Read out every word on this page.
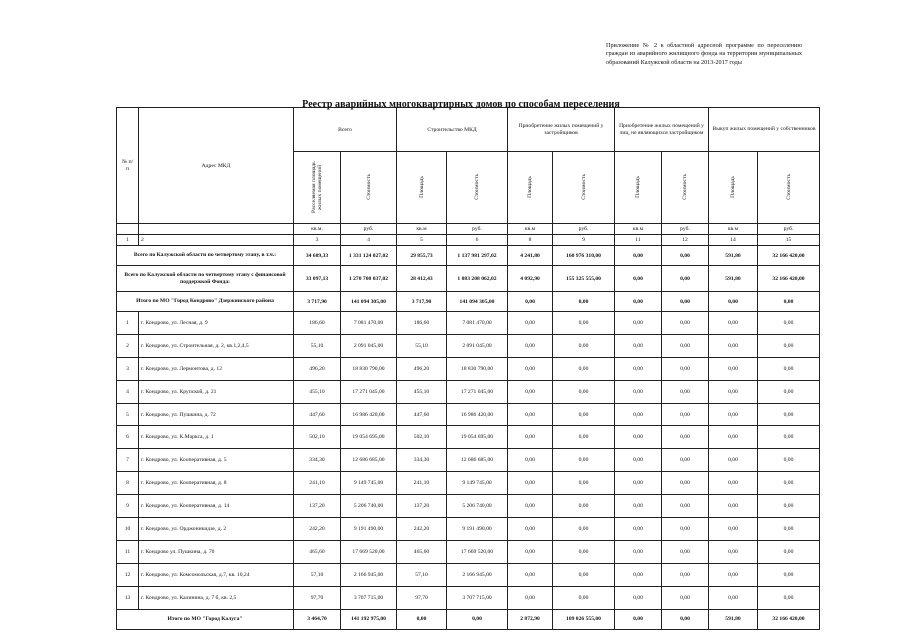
Приложение № 2 к областной адресной программе по переселению граждан из аварийного жилищного фонда на территории муниципальных образований Калужской области на 2013-2017 годы
Реестр аварийных многоквартирных домов по способам переселения
№ п/п	Адрес МКД	Всего		Строительство МКД		Приобретение жилых помещений у застройщиков		Приобретение жилых помещений у лиц, не являющихся застройщиком		Выкуп жилых помещений у собственников	
		Расселяемая площадь жилых помещений	Стоимость	Площадь	Стоимость	Площадь	Стоимость	Площадь	Стоимость	Площадь	Стоимость
		кв.м.	руб.	кв.м	руб.	кв.м	руб.	кв.м	руб.	кв.м	руб.
1	2	3	4	5	6	8	9	11	12	14	15
Всего по Калужской области по четвертому этапу, в т.ч.:		34 689,33	1 331 124 027,02	29 855,73	1 137 981 297,02	4 241,80	160 976 310,00	0,00	0,00	591,80	32 166 420,00
Всего по Калужской области по четвертому этапу с финансовой поддержкой Фонда:		33 097,13	1 270 700 037,02	28 412,43	1 083 208 062,02	4 092,90	155 325 555,00	0,00	0,00	591,80	32 166 420,00
Итого по МО "Город Кондрово" Дзержинского района		3 717,90	141 094 305,00	3 717,90	141 094 305,00	0,00	0,00	0,00	0,00	0,00	0,00
1	г. Кондрово, ул. Лесная, д. 9	186,60	7 081 470,00	186,60	7 081 470,00	0,00	0,00	0,00	0,00	0,00	0,00
2	г. Кондрово, ул. Строительная, д. 2, кв.1,2,4,5	55,10	2 091 045,00	55,10	2 091 045,00	0,00	0,00	0,00	0,00	0,00	0,00
3	г. Кондрово, ул. Лермонтова, д. 12	496,20	18 830 790,00	496,20	18 830 790,00	0,00	0,00	0,00	0,00	0,00	0,00
4	г. Кондрово, ул. Крупской, д. 21	455,10	17 271 045,00	455,10	17 271 045,00	0,00	0,00	0,00	0,00	0,00	0,00
5	г. Кондрово, ул. Пушкина, д. 72	447,60	16 986 420,00	447,60	16 986 420,00	0,00	0,00	0,00	0,00	0,00	0,00
6	г. Кондрово, ул. К.Маркса, д. 1	502,10	19 054 695,00	502,10	19 054 695,00	0,00	0,00	0,00	0,00	0,00	0,00
7	г. Кондрово, ул. Кооперативная, д. 5	334,30	12 686 685,00	334,30	12 686 685,00	0,00	0,00	0,00	0,00	0,00	0,00
8	г. Кондрово, ул. Кооперативная, д. 8	241,10	9 149 745,00	241,10	9 149 745,00	0,00	0,00	0,00	0,00	0,00	0,00
9	г. Кондрово, ул. Кооперативная, д. 14	137,20	5 206 740,00	137,20	5 206 740,00	0,00	0,00	0,00	0,00	0,00	0,00
10	г. Кондрово, ул. Орджоникидзе, д. 2	242,20	9 191 490,00	242,20	9 191 490,00	0,00	0,00	0,00	0,00	0,00	0,00
11	г. Кондрово ул. Пушкина, д. 70	465,60	17 669 520,00	465,60	17 669 520,00	0,00	0,00	0,00	0,00	0,00	0,00
12	г. Кондрово, ул. Комсомольская, д.7, кв. 10,24	57,10	2 166 945,00	57,10	2 166 945,00	0,00	0,00	0,00	0,00	0,00	0,00
13	г. Кондрово, ул. Калинина, д. 7 б, кв. 2,5	97,70	3 707 715,00	97,70	3 707 715,00	0,00	0,00	0,00	0,00	0,00	0,00
Итого по МО "Город Калуга"		3 464,70	141 192 975,00	0,00	0,00	2 872,90	109 026 555,00	0,00	0,00	591,80	32 166 420,00
